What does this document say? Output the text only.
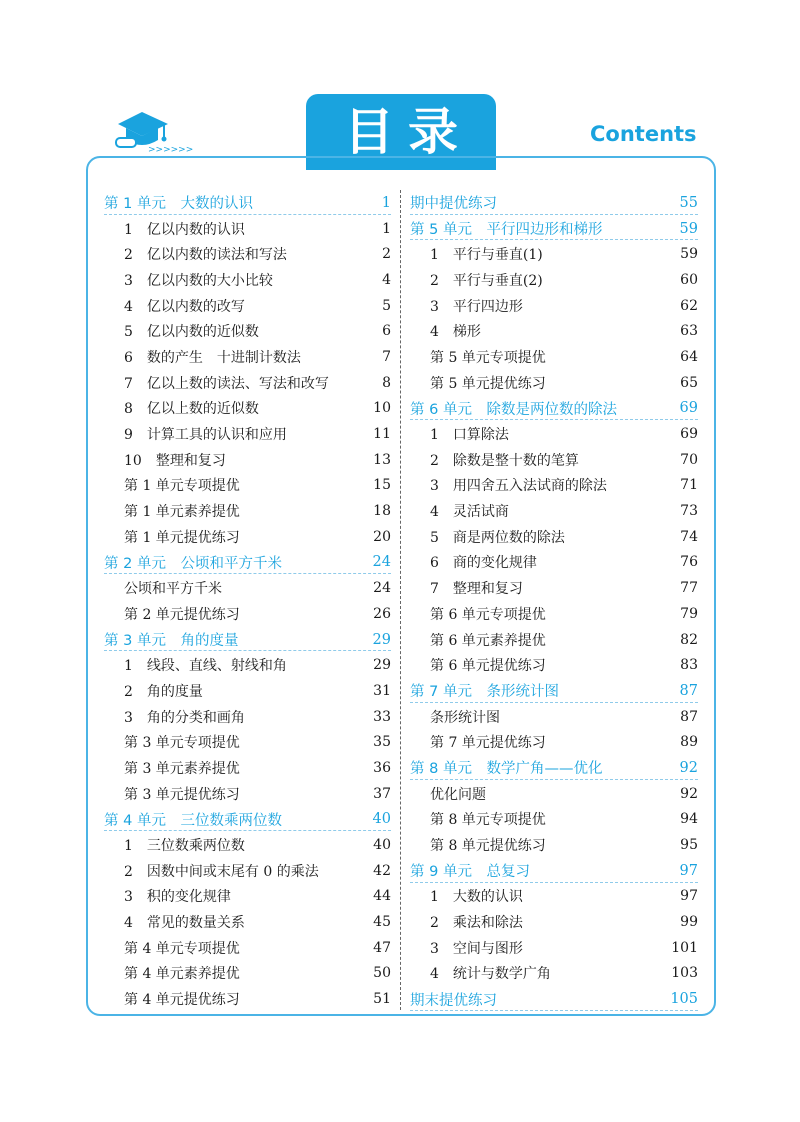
>>>>>>	目录	Contents
第 1 单元　大数的认识	1
1　亿以内数的认识	1
2　亿以内数的读法和写法	2
3　亿以内数的大小比较	4
4　亿以内数的改写	5
5　亿以内数的近似数	6
6　数的产生　十进制计数法	7
7　亿以上数的读法、写法和改写	8
8　亿以上数的近似数	10
9　计算工具的认识和应用	11
10　整理和复习	13
第 1 单元专项提优	15
第 1 单元素养提优	18
第 1 单元提优练习	20
第 2 单元　公顷和平方千米	24
公顷和平方千米	24
第 2 单元提优练习	26
第 3 单元　角的度量	29
1　线段、直线、射线和角	29
2　角的度量	31
3　角的分类和画角	33
第 3 单元专项提优	35
第 3 单元素养提优	36
第 3 单元提优练习	37
第 4 单元　三位数乘两位数	40
1　三位数乘两位数	40
2　因数中间或末尾有 0 的乘法	42
3　积的变化规律	44
4　常见的数量关系	45
第 4 单元专项提优	47
第 4 单元素养提优	50
第 4 单元提优练习	51
期中提优练习	55
第 5 单元　平行四边形和梯形	59
1　平行与垂直(1)	59
2　平行与垂直(2)	60
3　平行四边形	62
4　梯形	63
第 5 单元专项提优	64
第 5 单元提优练习	65
第 6 单元　除数是两位数的除法	69
1　口算除法	69
2　除数是整十数的笔算	70
3　用四舍五入法试商的除法	71
4　灵活试商	73
5　商是两位数的除法	74
6　商的变化规律	76
7　整理和复习	77
第 6 单元专项提优	79
第 6 单元素养提优	82
第 6 单元提优练习	83
第 7 单元　条形统计图	87
条形统计图	87
第 7 单元提优练习	89
第 8 单元　数学广角——优化	92
优化问题	92
第 8 单元专项提优	94
第 8 单元提优练习	95
第 9 单元　总复习	97
1　大数的认识	97
2　乘法和除法	99
3　空间与图形	101
4　统计与数学广角	103
期末提优练习	105
